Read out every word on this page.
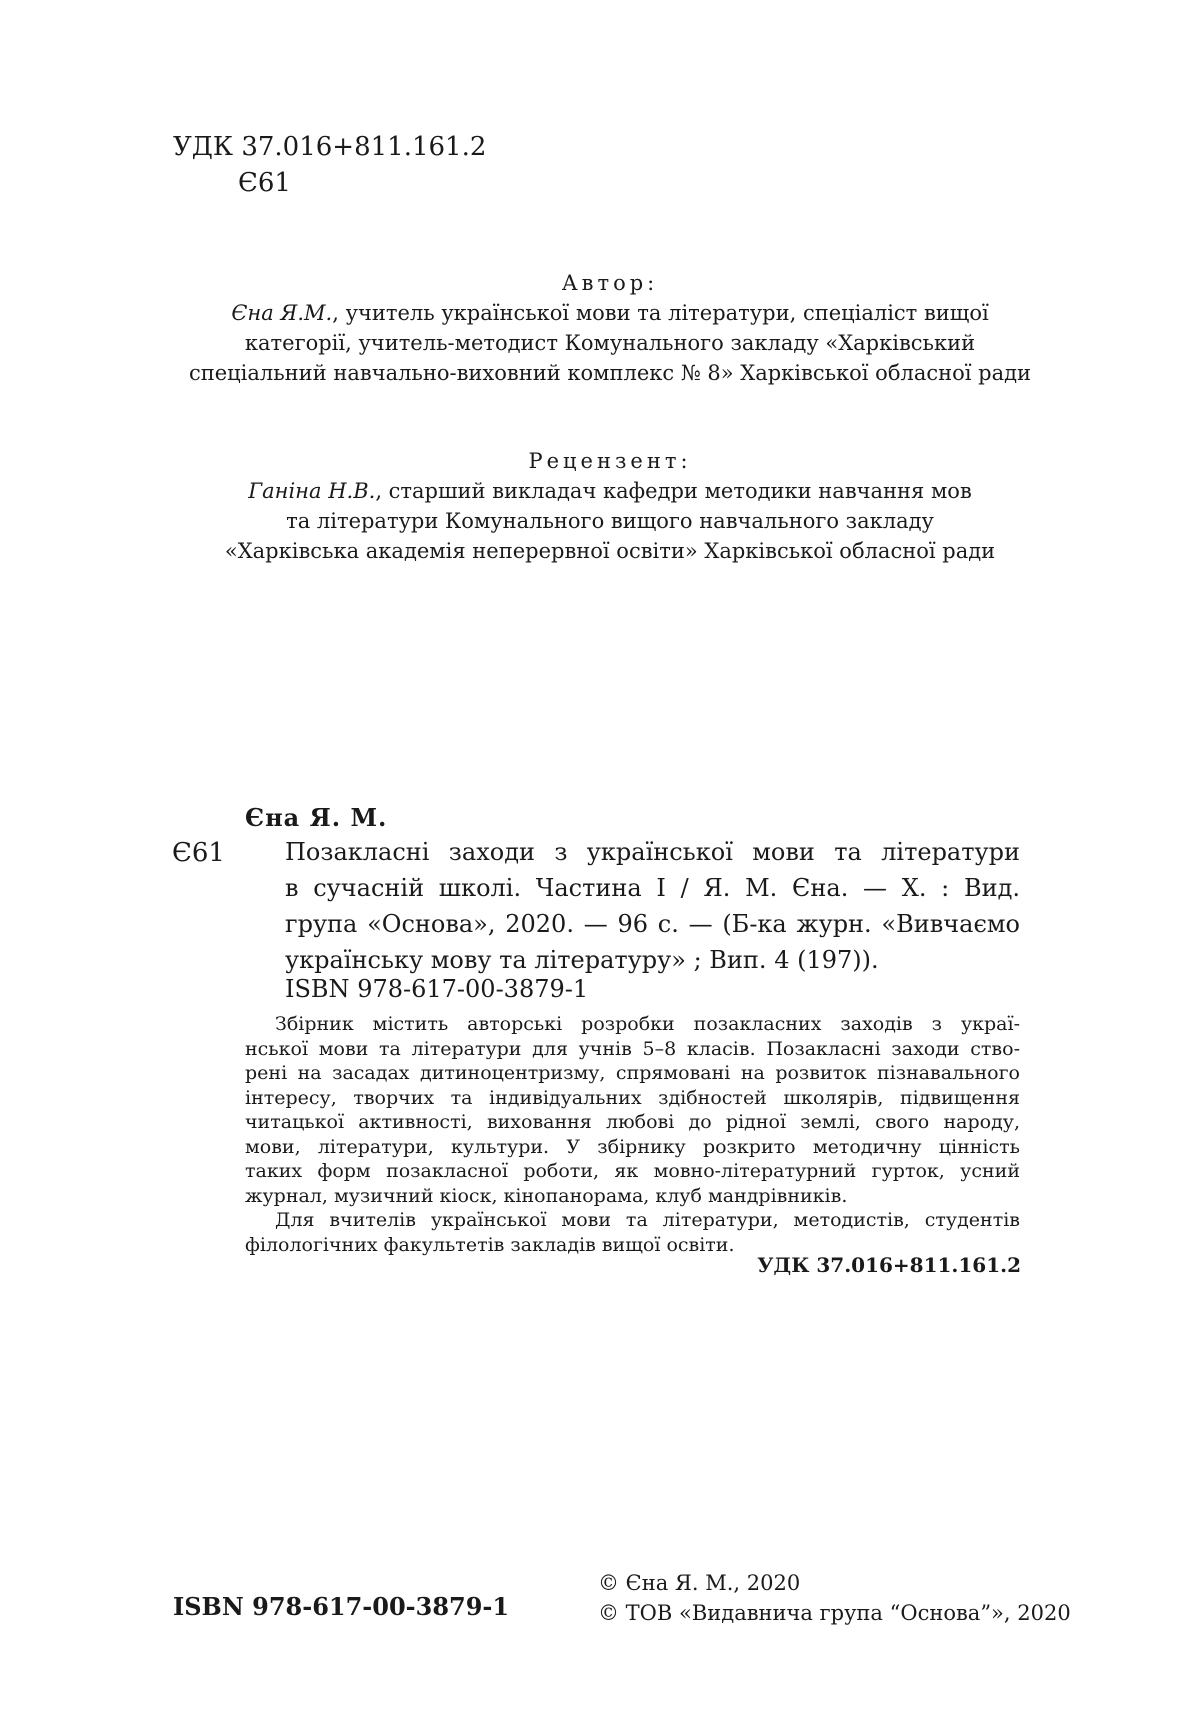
УДК 37.016+811.161.2
Є61
Автор:
Єна Я.М., учитель української мови та літератури, спеціаліст вищої
категорії, учитель-методист Комунального закладу «Харківський
спеціальний навчально-виховний комплекс № 8» Харківської обласної ради
Рецензент:
Ганіна Н.В., старший викладач кафедри методики навчання мов
та літератури Комунального вищого навчального закладу
«Харківська академія неперервної освіти» Харківської обласної ради
Єна Я. М.
Є61	Позакласні заходи з української мови та літератури
в сучасній школі. Частина І / Я. М. Єна. — Х. : Вид.
група «Основа», 2020. — 96 с. — (Б-ка журн. «Вивчаємо
українську мову та літературу» ; Вип. 4 (197)).
ISBN 978-617-00-3879-1
Збірник містить авторські розробки позакласних заходів з украї-
нської мови та літератури для учнів 5–8 класів. Позакласні заходи ство-
рені на засадах дитиноцентризму, спрямовані на розвиток пізнавального
інтересу, творчих та індивідуальних здібностей школярів, підвищення
читацької активності, виховання любові до рідної землі, свого народу,
мови, літератури, культури. У збірнику розкрито методичну цінність
таких форм позакласної роботи, як мовно-літературний гурток, усний
журнал, музичний кіоск, кінопанорама, клуб мандрівників.
Для вчителів української мови та літератури, методистів, студентів
філологічних факультетів закладів вищої освіти.
УДК 37.016+811.161.2
ISBN 978-617-00-3879-1
© Єна Я. М., 2020
© ТОВ «Видавнича група “Основа”», 2020
